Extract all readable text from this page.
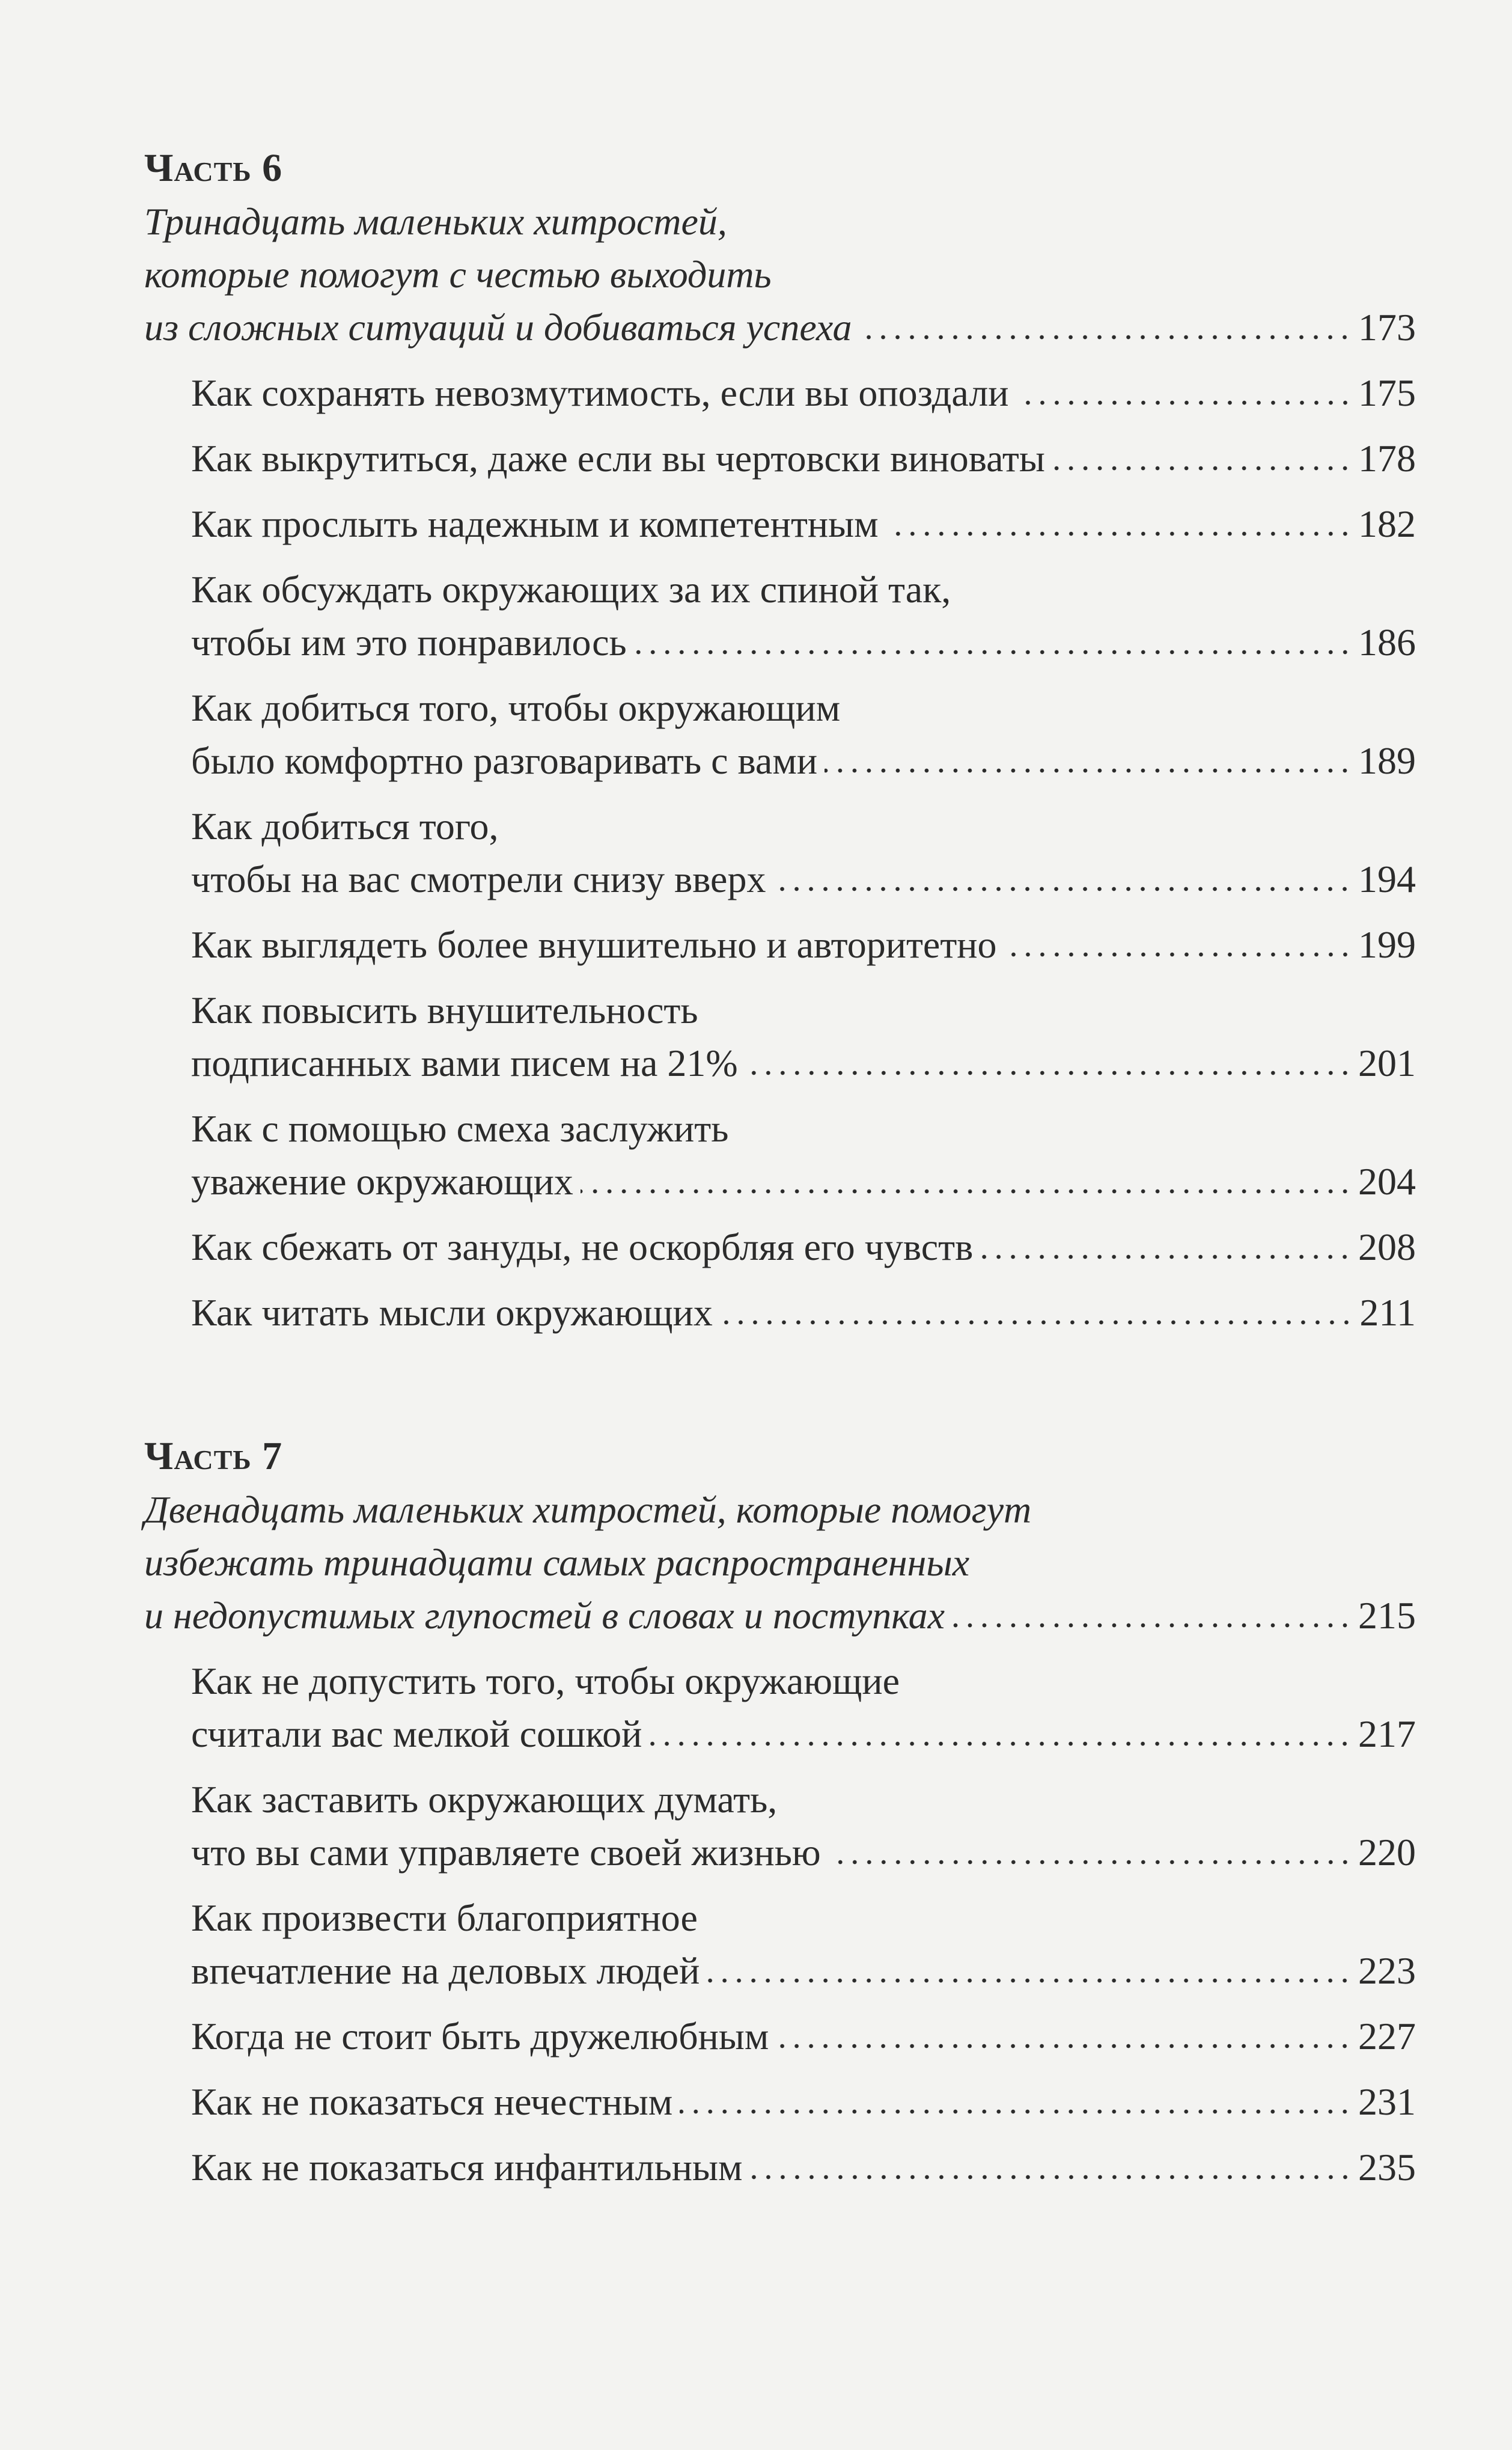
Часть 6
Тринадцать маленьких хитростей,
которые помогут с честью выходить
из сложных ситуаций и добиваться успеха	173
Как сохранять невозмутимость, если вы опоздали	175
Как выкрутиться, даже если вы чертовски виноваты	178
Как прослыть надежным и компетентным	182
Как обсуждать окружающих за их спиной так,
чтобы им это понравилось	186
Как добиться того, чтобы окружающим
было комфортно разговаривать с вами	189
Как добиться того,
чтобы на вас смотрели снизу вверх	194
Как выглядеть более внушительно и авторитетно	199
Как повысить внушительность
подписанных вами писем на 21%	201
Как с помощью смеха заслужить
уважение окружающих	204
Как сбежать от зануды, не оскорбляя его чувств	208
Как читать мысли окружающих	211
Часть 7
Двенадцать маленьких хитростей, которые помогут
избежать тринадцати самых распространенных
и недопустимых глупостей в словах и поступках	215
Как не допустить того, чтобы окружающие
считали вас мелкой сошкой	217
Как заставить окружающих думать,
что вы сами управляете своей жизнью	220
Как произвести благоприятное
впечатление на деловых людей	223
Когда не стоит быть дружелюбным	227
Как не показаться нечестным	231
Как не показаться инфантильным	235
